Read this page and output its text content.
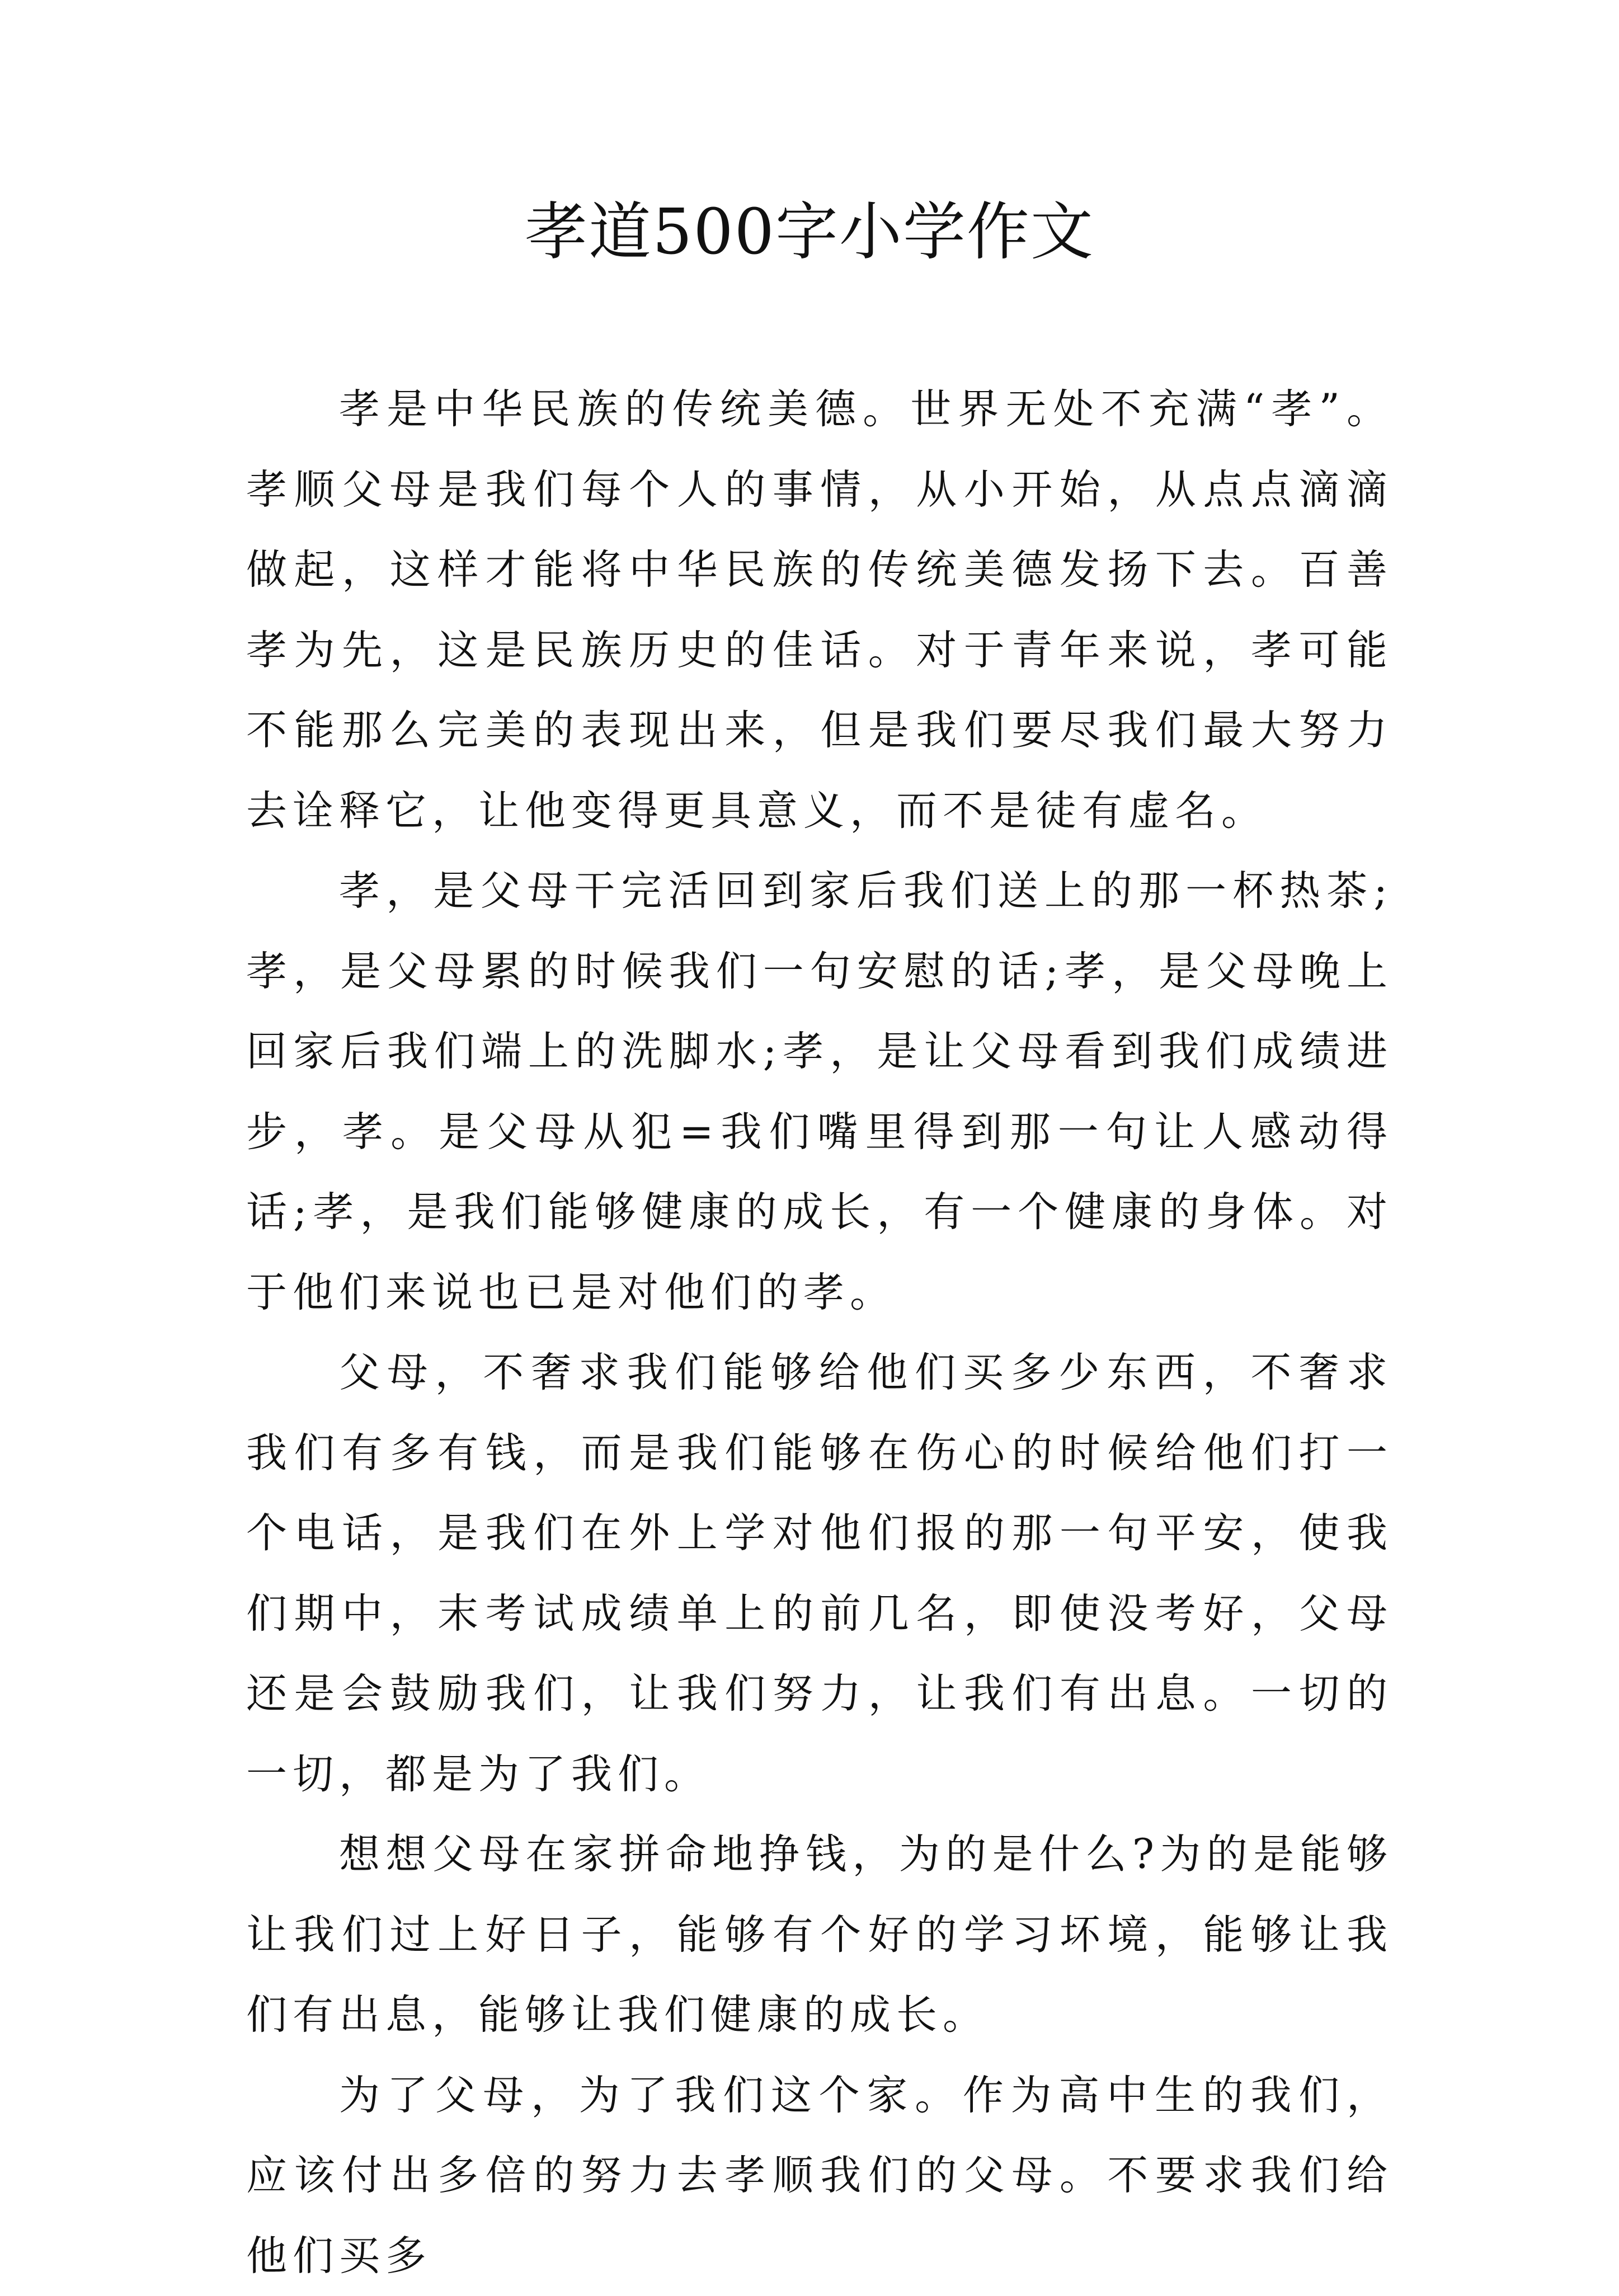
孝道500字小学作文

孝是中华民族的传统美德。世界无处不充满“孝”。孝顺父母是我们每个人的事情，从小开始，从点点滴滴做起，这样才能将中华民族的传统美德发扬下去。百善孝为先，这是民族历史的佳话。对于青年来说，孝可能不能那么完美的表现出来，但是我们要尽我们最大努力去诠释它，让他变得更具意义，而不是徒有虚名。

孝，是父母干完活回到家后我们送上的那一杯热茶;孝，是父母累的时候我们一句安慰的话;孝，是父母晚上回家后我们端上的洗脚水;孝，是让父母看到我们成绩进步，孝。是父母从犯=我们嘴里得到那一句让人感动得话;孝，是我们能够健康的成长，有一个健康的身体。对于他们来说也已是对他们的孝。

父母，不奢求我们能够给他们买多少东西，不奢求我们有多有钱，而是我们能够在伤心的时候给他们打一个电话，是我们在外上学对他们报的那一句平安，使我们期中，末考试成绩单上的前几名，即使没考好，父母还是会鼓励我们，让我们努力，让我们有出息。一切的一切，都是为了我们。

想想父母在家拼命地挣钱，为的是什么?为的是能够让我们过上好日子，能够有个好的学习坏境，能够让我们有出息，能够让我们健康的成长。

为了父母，为了我们这个家。作为高中生的我们，应该付出多倍的努力去孝顺我们的父母。不要求我们给他们买多
